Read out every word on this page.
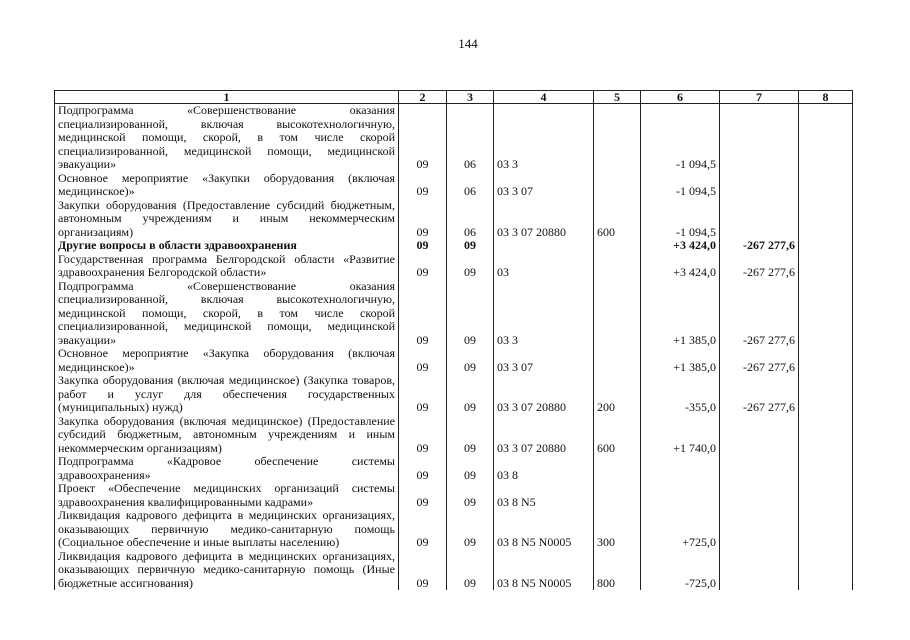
144
1	2	3	4	5	6	7	8
Подпрограмма «Совершенствование оказания специализированной, включая высокотехнологичную, медицинской помощи, скорой, в том числе скорой специализированной, медицинской помощи, медицинской эвакуации»	09	06	03 3		-1 094,5		
Основное мероприятие «Закупки оборудования (включая медицинское)»	09	06	03 3 07		-1 094,5		
Закупки оборудования (Предоставление субсидий бюджетным, автономным учреждениям и иным некоммерческим организациям)	09	06	03 3 07 20880	600	-1 094,5		
Другие вопросы в области здравоохранения	09	09			+3 424,0	-267 277,6	
Государственная программа Белгородской области «Развитие здравоохранения Белгородской области»	09	09	03		+3 424,0	-267 277,6	
Подпрограмма «Совершенствование оказания специализированной, включая высокотехнологичную, медицинской помощи, скорой, в том числе скорой специализированной, медицинской помощи, медицинской эвакуации»	09	09	03 3		+1 385,0	-267 277,6	
Основное мероприятие «Закупка оборудования (включая медицинское)»	09	09	03 3 07		+1 385,0	-267 277,6	
Закупка оборудования (включая медицинское) (Закупка товаров, работ и услуг для обеспечения государственных (муниципальных) нужд)	09	09	03 3 07 20880	200	-355,0	-267 277,6	
Закупка оборудования (включая медицинское) (Предоставление субсидий бюджетным, автономным учреждениям и иным некоммерческим организациям)	09	09	03 3 07 20880	600	+1 740,0		
Подпрограмма «Кадровое обеспечение системы здравоохранения»	09	09	03 8				
Проект «Обеспечение медицинских организаций системы здравоохранения квалифицированными кадрами»	09	09	03 8 N5				
Ликвидация кадрового дефицита в медицинских организациях, оказывающих первичную медико-санитарную помощь (Социальное обеспечение и иные выплаты населению)	09	09	03 8 N5 N0005	300	+725,0		
Ликвидация кадрового дефицита в медицинских организациях, оказывающих первичную медико-санитарную помощь (Иные бюджетные ассигнования)	09	09	03 8 N5 N0005	800	-725,0		
